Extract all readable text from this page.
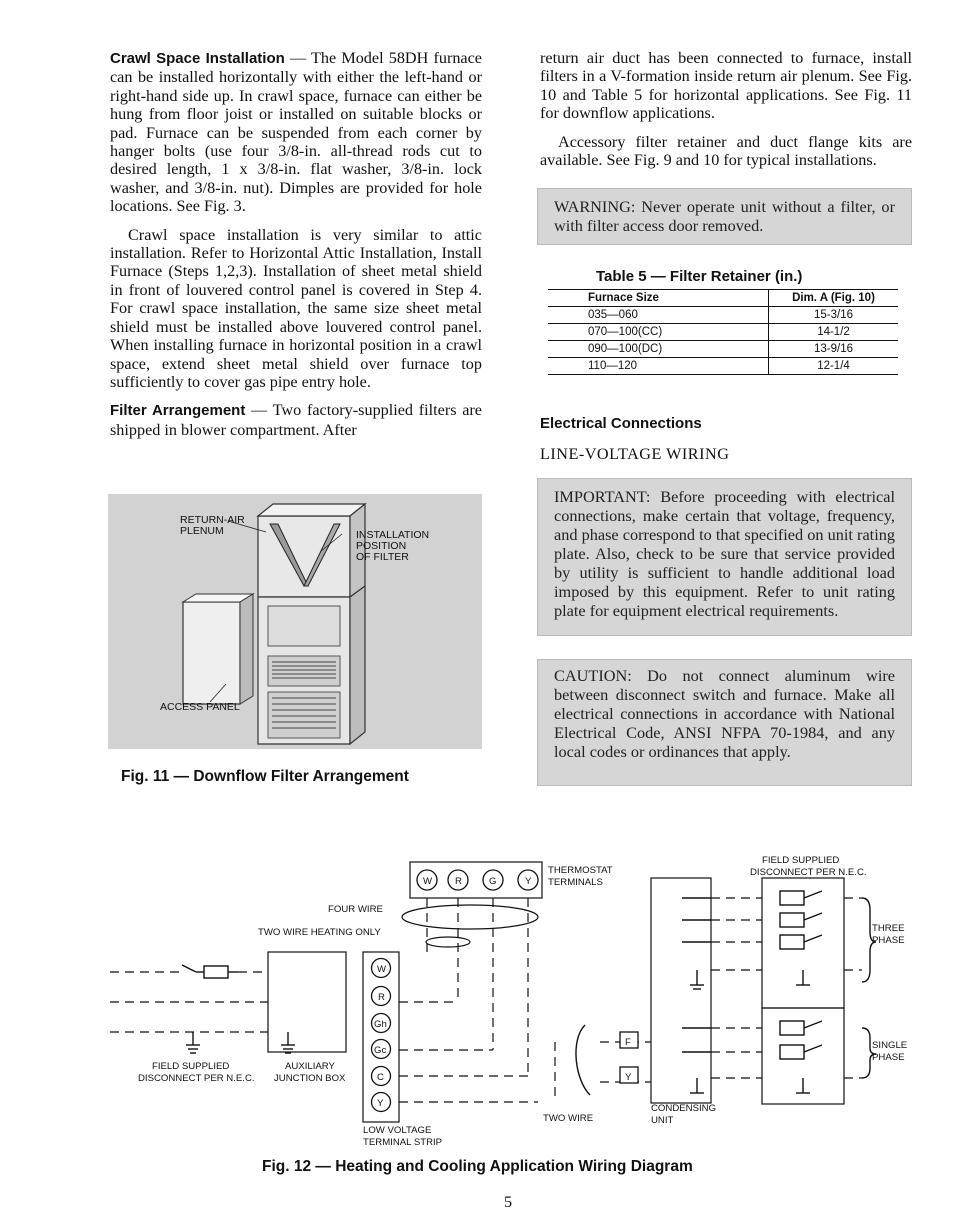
Crawl Space Installation — The Model 58DH furnace can be installed horizontally with either the left-hand or right-hand side up. In crawl space, furnace can either be hung from floor joist or installed on suitable blocks or pad. Furnace can be suspended from each corner by hanger bolts (use four 3/8-in. all-thread rods cut to desired length, 1 x 3/8-in. flat washer, 3/8-in. lock washer, and 3/8-in. nut). Dimples are provided for hole locations. See Fig. 3.

Crawl space installation is very similar to attic installation. Refer to Horizontal Attic Installation, Install Furnace (Steps 1,2,3). Installation of sheet metal shield in front of louvered control panel is covered in Step 4. For crawl space installation, the same size sheet metal shield must be installed above louvered control panel. When installing furnace in horizontal position in a crawl space, extend sheet metal shield over furnace top sufficiently to cover gas pipe entry hole.

Filter Arrangement — Two factory-supplied filters are shipped in blower compartment. After

RETURN-AIR
PLENUM	INSTALLATION
POSITION
OF FILTER
ACCESS PANEL
Fig. 11 — Downflow Filter Arrangement

return air duct has been connected to furnace, install filters in a V-formation inside return air plenum. See Fig. 10 and Table 5 for horizontal applications. See Fig. 11 for downflow applications.

Accessory filter retainer and duct flange kits are available. See Fig. 9 and 10 for typical installations.

WARNING: Never operate unit without a filter, or with filter access door removed.

Table 5 — Filter Retainer (in.)
Furnace Size	Dim. A (Fig. 10)
035—060	15-3/16
070—100(CC)	14-1/2
090—100(DC)	13-9/16
110—120	12-1/4
Electrical Connections
LINE-VOLTAGE WIRING

IMPORTANT: Before proceeding with electrical connections, make certain that voltage, frequency, and phase correspond to that specified on unit rating plate. Also, check to be sure that service provided by utility is sufficient to handle additional load imposed by this equipment. Refer to unit rating plate for equipment electrical requirements.

CAUTION: Do not connect aluminum wire between disconnect switch and furnace. Make all electrical connections in accordance with National Electrical Code, ANSI NFPA 70-1984, and any local codes or ordinances that apply.

W R	G	Y
W
R
Gh
Gc
C
Y
F
Y
THERMOSTAT
TERMINALS
FOUR WIRE
TWO WIRE HEATING ONLY
FIELD SUPPLIED
DISCONNECT PER N.E.C.
AUXILIARY
JUNCTION BOX
LOW VOLTAGE
TERMINAL STRIP
TWO WIRE
CONDENSING
UNIT
FIELD SUPPLIED
DISCONNECT PER N.E.C.
THREE
PHASE
SINGLE
PHASE
Fig. 12 — Heating and Cooling Application Wiring Diagram
5
